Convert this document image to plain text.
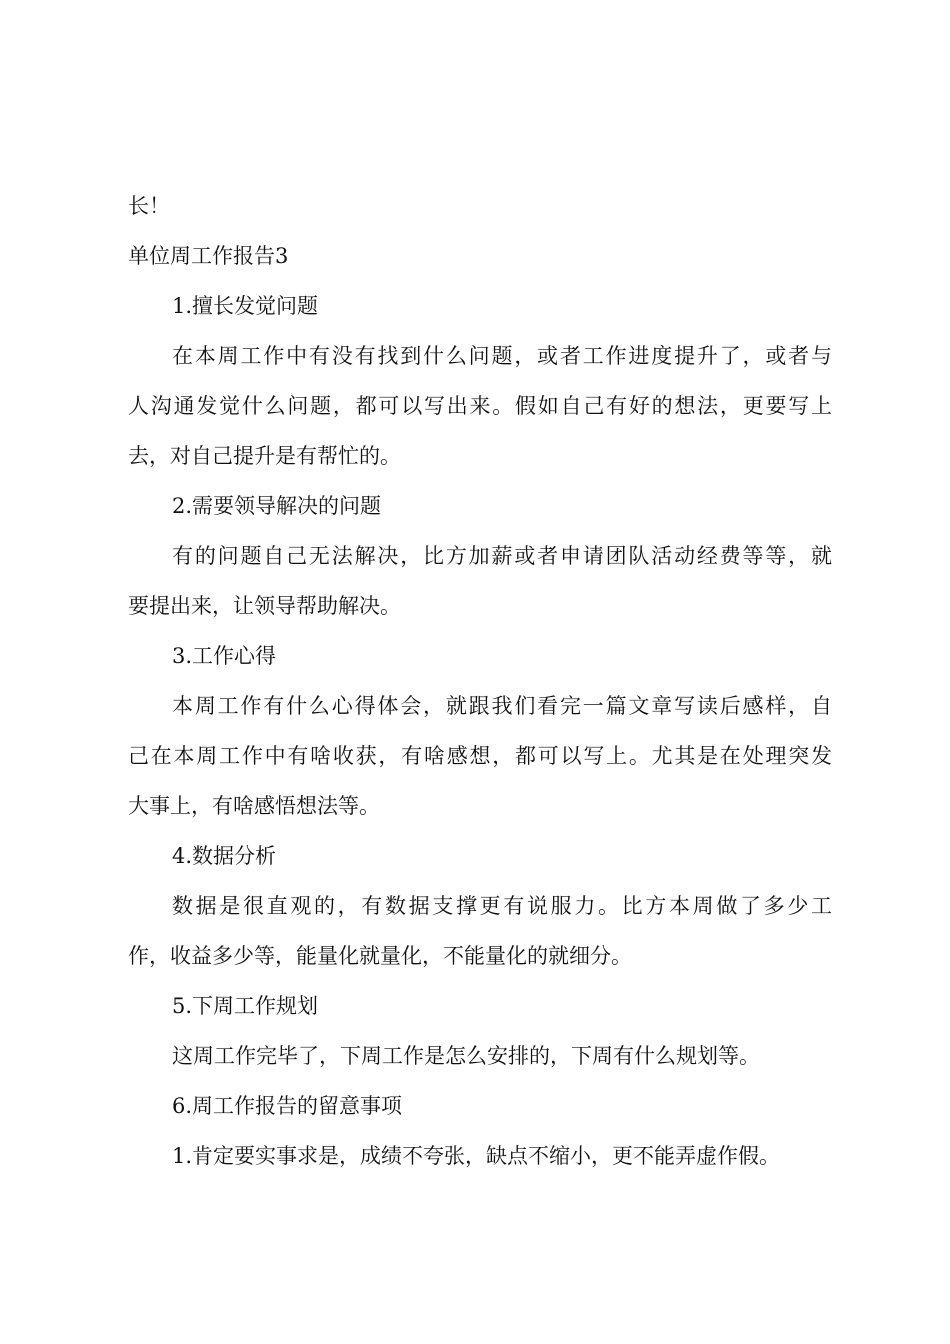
长！
单位周工作报告3
1.擅长发觉问题
在本周工作中有没有找到什么问题，或者工作进度提升了，或者与
人沟通发觉什么问题，都可以写出来。假如自己有好的想法，更要写上
去，对自己提升是有帮忙的。
2.需要领导解决的问题
有的问题自己无法解决，比方加薪或者申请团队活动经费等等，就
要提出来，让领导帮助解决。
3.工作心得
本周工作有什么心得体会，就跟我们看完一篇文章写读后感样，自
己在本周工作中有啥收获，有啥感想，都可以写上。尤其是在处理突发
大事上，有啥感悟想法等。
4.数据分析
数据是很直观的，有数据支撑更有说服力。比方本周做了多少工
作，收益多少等，能量化就量化，不能量化的就细分。
5.下周工作规划
这周工作完毕了，下周工作是怎么安排的，下周有什么规划等。
6.周工作报告的留意事项
1.肯定要实事求是，成绩不夸张，缺点不缩小，更不能弄虚作假。
